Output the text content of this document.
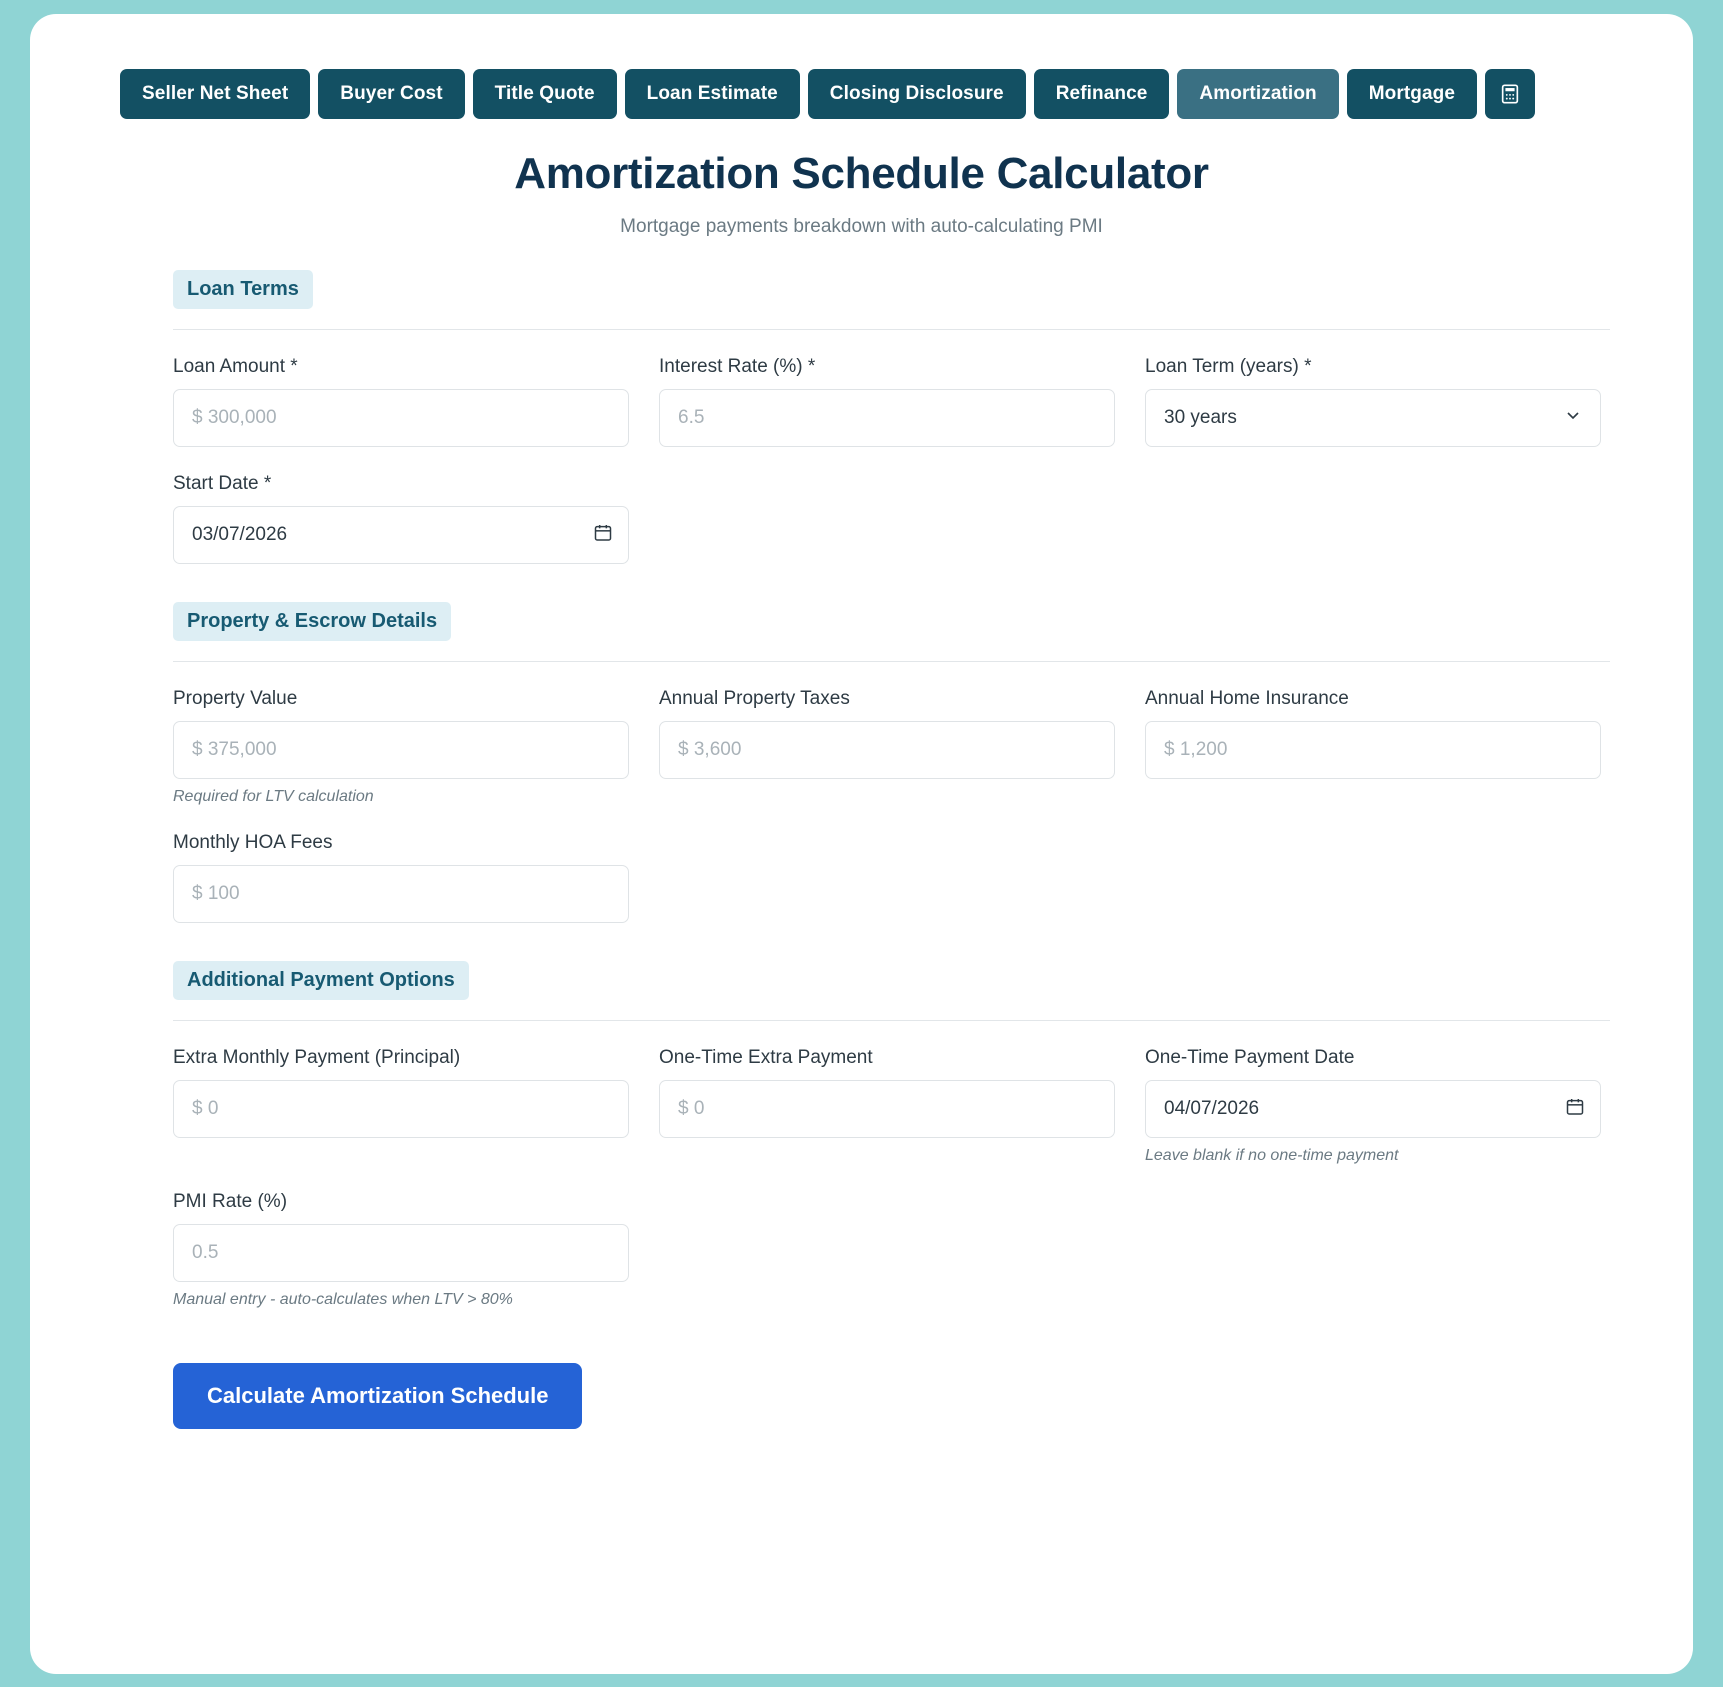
Seller Net Sheet	Buyer Cost	Title Quote	Loan Estimate	Closing Disclosure	Refinance	Amortization	Mortgage
Amortization Schedule Calculator
Mortgage payments breakdown with auto-calculating PMI
Loan Terms
Loan Amount *
$ 300,000	Interest Rate (%) *
6.5	Loan Term (years) *
30 years
Start Date *
03/07/2026
Property & Escrow Details
Property Value
$ 375,000
Required for LTV calculation
Annual Property Taxes
$ 3,600	Annual Home Insurance
$ 1,200
Monthly HOA Fees
$ 100
Additional Payment Options
Extra Monthly Payment (Principal)
$ 0	One-Time Extra Payment
$ 0	One-Time Payment Date
04/07/2026
Leave blank if no one-time payment
PMI Rate (%)
0.5
Manual entry - auto-calculates when LTV > 80%
Calculate Amortization Schedule
